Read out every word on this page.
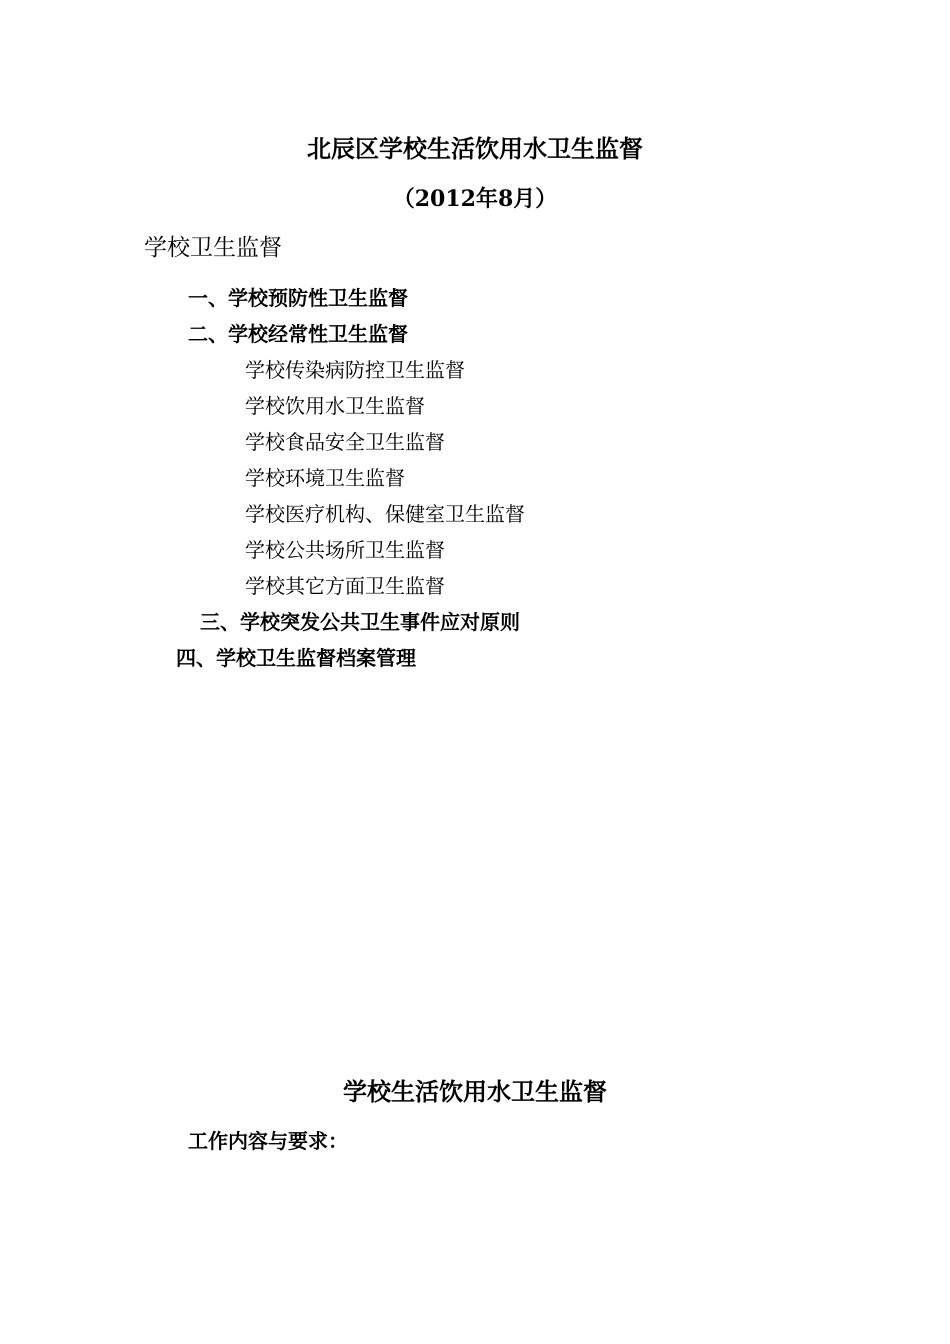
北辰区学校生活饮用水卫生监督
（2012年8月）
学校卫生监督
一、学校预防性卫生监督
二、学校经常性卫生监督
学校传染病防控卫生监督
学校饮用水卫生监督
学校食品安全卫生监督
学校环境卫生监督
学校医疗机构、保健室卫生监督
学校公共场所卫生监督
学校其它方面卫生监督
三、学校突发公共卫生事件应对原则
四、学校卫生监督档案管理
学校生活饮用水卫生监督
工作内容与要求：
